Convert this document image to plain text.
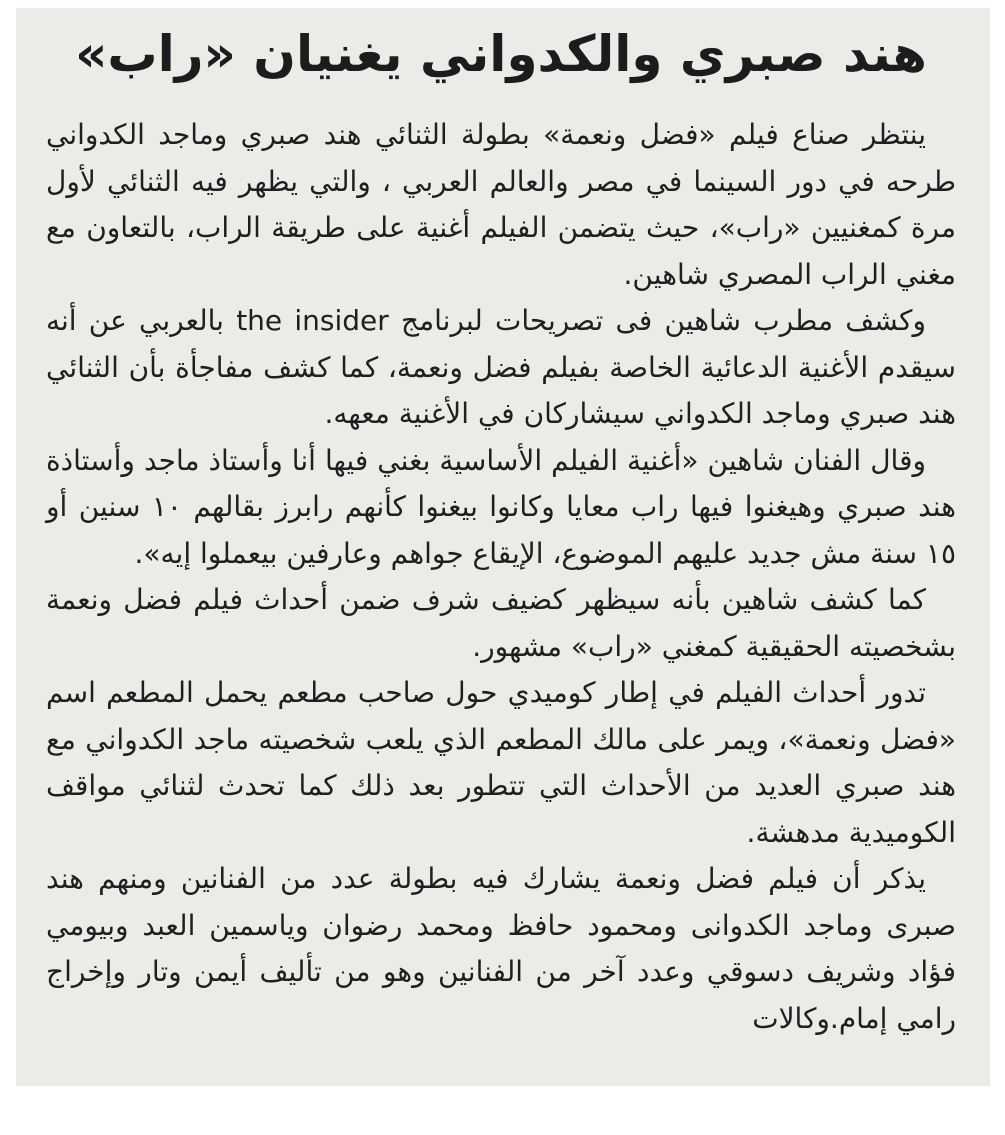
هند صبري والكدواني يغنيان «راب»

ينتظر صناع فيلم «فضل ونعمة» بطولة الثنائي هند صبري وماجد الكدواني طرحه في دور السينما في مصر والعالم العربي ، والتي يظهر فيه الثنائي لأول مرة كمغنيين «راب»، حيث يتضمن الفيلم أغنية على طريقة الراب، بالتعاون مع مغني الراب المصري شاهين.

وكشف مطرب شاهين فى تصريحات لبرنامج the insider بالعربي عن أنه سيقدم الأغنية الدعائية الخاصة بفيلم فضل ونعمة، كما كشف مفاجأة بأن الثنائي هند صبري وماجد الكدواني سيشاركان في الأغنية معهه.

وقال الفنان شاهين «أغنية الفيلم الأساسية بغني فيها أنا وأستاذ ماجد وأستاذة هند صبري وهيغنوا فيها راب معايا وكانوا بيغنوا كأنهم رابرز بقالهم ١٠ سنين أو ١٥ سنة مش جديد عليهم الموضوع، الإيقاع جواهم وعارفين بيعملوا إيه».

كما كشف شاهين بأنه سيظهر كضيف شرف ضمن أحداث فيلم فضل ونعمة بشخصيته الحقيقية كمغني «راب» مشهور.

تدور أحداث الفيلم في إطار كوميدي حول صاحب مطعم يحمل المطعم اسم «فضل ونعمة»، ويمر على مالك المطعم الذي يلعب شخصيته ماجد الكدواني مع هند صبري العديد من الأحداث التي تتطور بعد ذلك كما تحدث لثنائي مواقف الكوميدية مدهشة.

يذكر أن فيلم فضل ونعمة يشارك فيه بطولة عدد من الفنانين ومنهم هند صبرى وماجد الكدوانى ومحمود حافظ ومحمد رضوان وياسمين العبد وبيومي فؤاد وشريف دسوقي وعدد آخر من الفنانين وهو من تأليف أيمن وتار وإخراج رامي إمام.وكالات
